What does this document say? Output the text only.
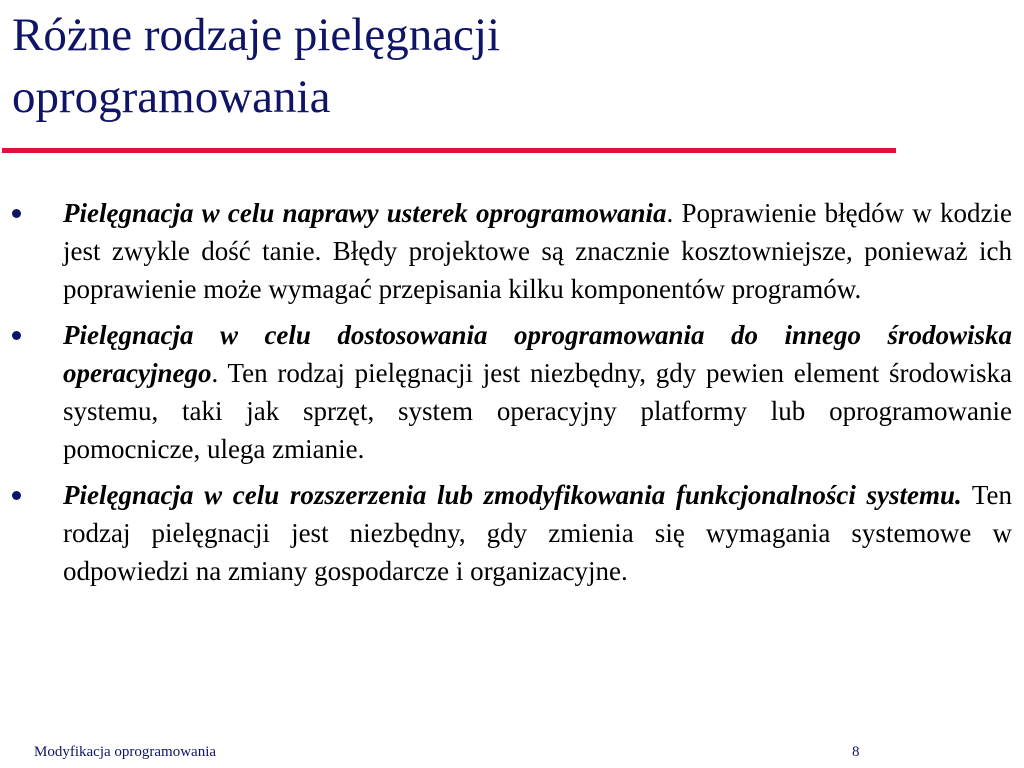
Różne rodzaje pielęgnacji
oprogramowania
Pielęgnacja w celu naprawy usterek oprogramowania. Poprawienie błędów w kodzie jest zwykle dość tanie. Błędy projektowe są znacznie kosztowniejsze, ponieważ ich poprawienie może wymagać przepisania kilku komponentów programów.
Pielęgnacja w celu dostosowania oprogramowania do innego środowiska operacyjnego. Ten rodzaj pielęgnacji jest niezbędny, gdy pewien element środowiska systemu, taki jak sprzęt, system operacyjny platformy lub oprogramowanie pomocnicze, ulega zmianie.
Pielęgnacja w celu rozszerzenia lub zmodyfikowania funkcjonalności systemu. Ten rodzaj pielęgnacji jest niezbędny, gdy zmienia się wymagania systemowe w odpowiedzi na zmiany gospodarcze i organizacyjne.
Modyfikacja oprogramowania	8
